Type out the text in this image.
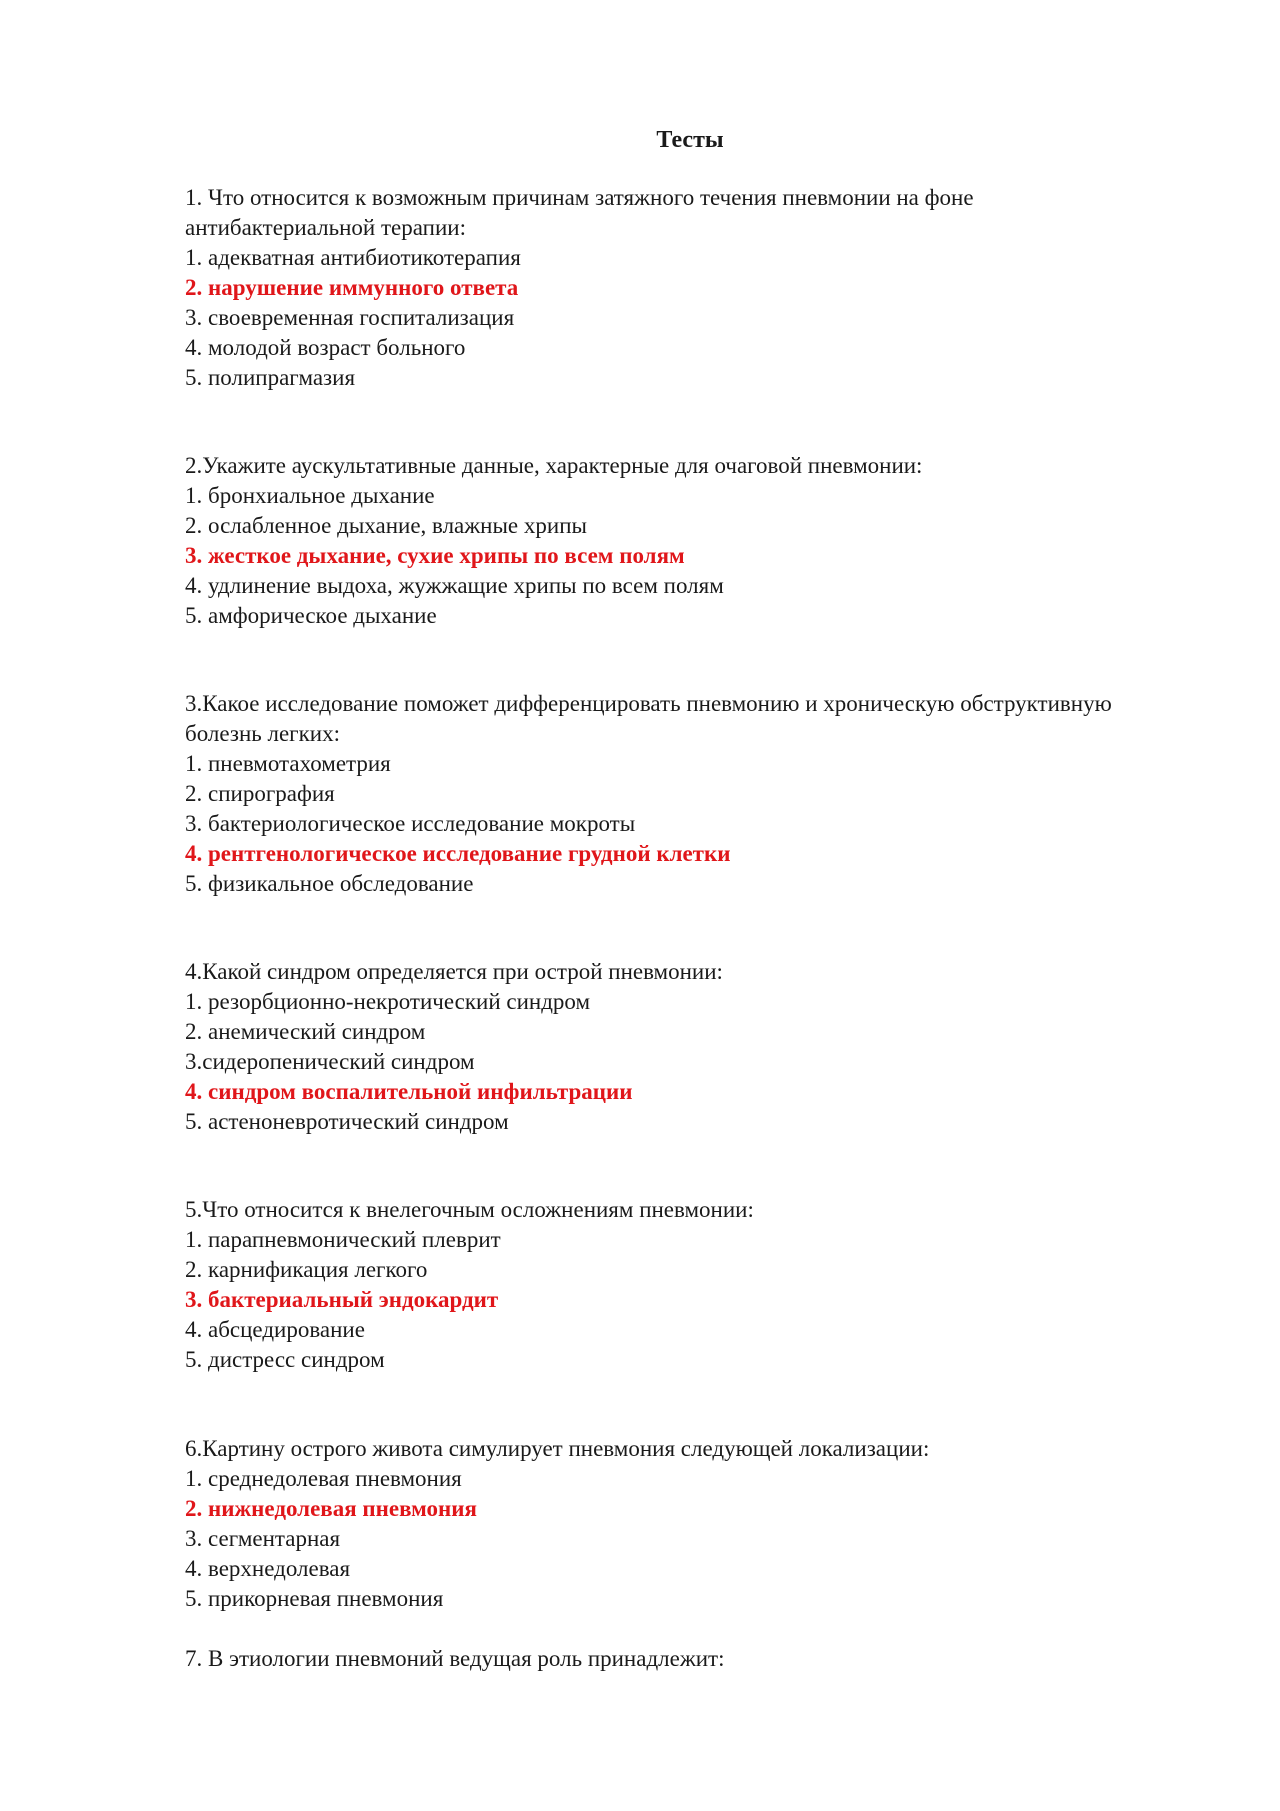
Тесты
1. Что относится к возможным причинам затяжного течения пневмонии на фоне антибактериальной терапии:
1. адекватная антибиотикотерапия
2. нарушение иммунного ответа
3. своевременная госпитализация
4. молодой возраст больного
5. полипрагмазия
2.Укажите аускультативные данные, характерные для очаговой пневмонии:
1. бронхиальное дыхание
2. ослабленное дыхание, влажные хрипы
3. жесткое дыхание, сухие хрипы по всем полям
4. удлинение выдоха, жужжащие хрипы по всем полям
5. амфорическое дыхание
3.Какое исследование поможет дифференцировать пневмонию и хроническую обструктивную болезнь легких:
1. пневмотахометрия
2. спирография
3. бактериологическое исследование мокроты
4. рентгенологическое исследование грудной клетки
5. физикальное обследование
4.Какой синдром определяется при острой пневмонии:
1. резорбционно-некротический синдром
2. анемический синдром
3.сидеропенический синдром
4. синдром воспалительной инфильтрации
5. астеноневротический синдром
5.Что относится к внелегочным осложнениям пневмонии:
1. парапневмонический плеврит
2. карнификация легкого
3. бактериальный эндокардит
4. абсцедирование
5. дистресс синдром
6.Картину острого живота симулирует пневмония следующей локализации:
1. среднедолевая пневмония
2. нижнедолевая пневмония
3. сегментарная
4. верхнедолевая
5. прикорневая пневмония
7. В этиологии пневмоний ведущая роль принадлежит:
